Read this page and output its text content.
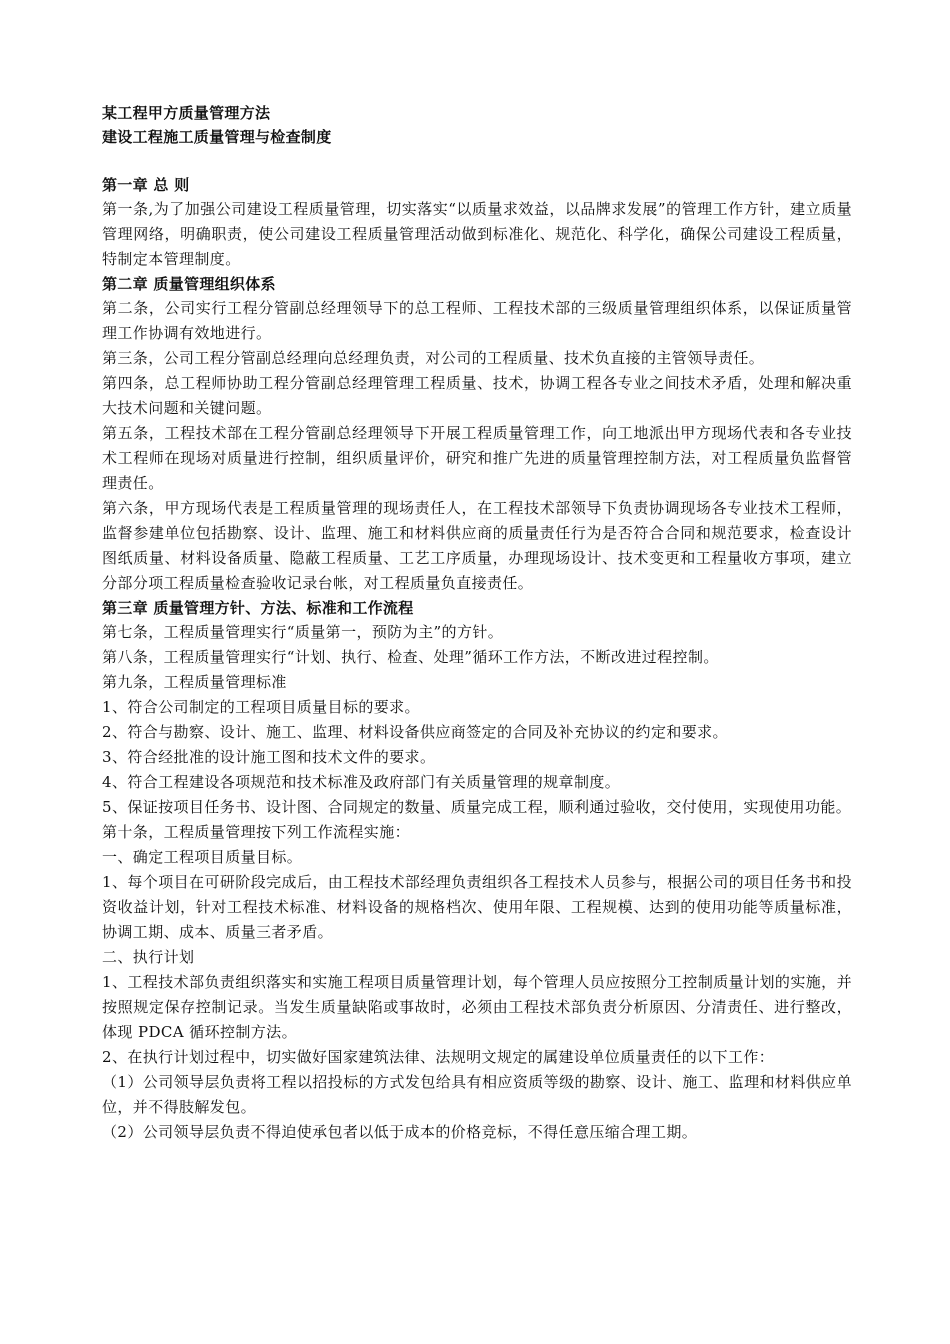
某工程甲方质量管理方法
建设工程施工质量管理与检查制度
第一章 总 则
第一条,为了加强公司建设工程质量管理，切实落实“以质量求效益，以品牌求发展”的管理工作方针，建立质量管理网络，明确职责，使公司建设工程质量管理活动做到标准化、规范化、科学化，确保公司建设工程质量，特制定本管理制度。
第二章 质量管理组织体系
第二条，公司实行工程分管副总经理领导下的总工程师、工程技术部的三级质量管理组织体系，以保证质量管理工作协调有效地进行。
第三条，公司工程分管副总经理向总经理负责，对公司的工程质量、技术负直接的主管领导责任。
第四条，总工程师协助工程分管副总经理管理工程质量、技术，协调工程各专业之间技术矛盾，处理和解决重大技术问题和关键问题。
第五条，工程技术部在工程分管副总经理领导下开展工程质量管理工作，向工地派出甲方现场代表和各专业技术工程师在现场对质量进行控制，组织质量评价，研究和推广先进的质量管理控制方法，对工程质量负监督管理责任。
第六条，甲方现场代表是工程质量管理的现场责任人，在工程技术部领导下负责协调现场各专业技术工程师，监督参建单位包括勘察、设计、监理、施工和材料供应商的质量责任行为是否符合合同和规范要求，检查设计图纸质量、材料设备质量、隐蔽工程质量、工艺工序质量，办理现场设计、技术变更和工程量收方事项，建立分部分项工程质量检查验收记录台帐，对工程质量负直接责任。
第三章 质量管理方针、方法、标准和工作流程
第七条，工程质量管理实行“质量第一，预防为主”的方针。
第八条，工程质量管理实行“计划、执行、检查、处理”循环工作方法，不断改进过程控制。
第九条，工程质量管理标准
1、符合公司制定的工程项目质量目标的要求。
2、符合与勘察、设计、施工、监理、材料设备供应商签定的合同及补充协议的约定和要求。
3、符合经批准的设计施工图和技术文件的要求。
4、符合工程建设各项规范和技术标准及政府部门有关质量管理的规章制度。
5、保证按项目任务书、设计图、合同规定的数量、质量完成工程，顺利通过验收，交付使用，实现使用功能。
第十条，工程质量管理按下列工作流程实施：
一、确定工程项目质量目标。
1、每个项目在可研阶段完成后，由工程技术部经理负责组织各工程技术人员参与，根据公司的项目任务书和投资收益计划，针对工程技术标准、材料设备的规格档次、使用年限、工程规模、达到的使用功能等质量标准，协调工期、成本、质量三者矛盾。
二、执行计划
1、工程技术部负责组织落实和实施工程项目质量管理计划，每个管理人员应按照分工控制质量计划的实施，并按照规定保存控制记录。当发生质量缺陷或事故时，必须由工程技术部负责分析原因、分清责任、进行整改，体现 PDCA 循环控制方法。
2、在执行计划过程中，切实做好国家建筑法律、法规明文规定的属建设单位质量责任的以下工作：
（1）公司领导层负责将工程以招投标的方式发包给具有相应资质等级的勘察、设计、施工、监理和材料供应单位，并不得肢解发包。
（2）公司领导层负责不得迫使承包者以低于成本的价格竞标，不得任意压缩合理工期。
